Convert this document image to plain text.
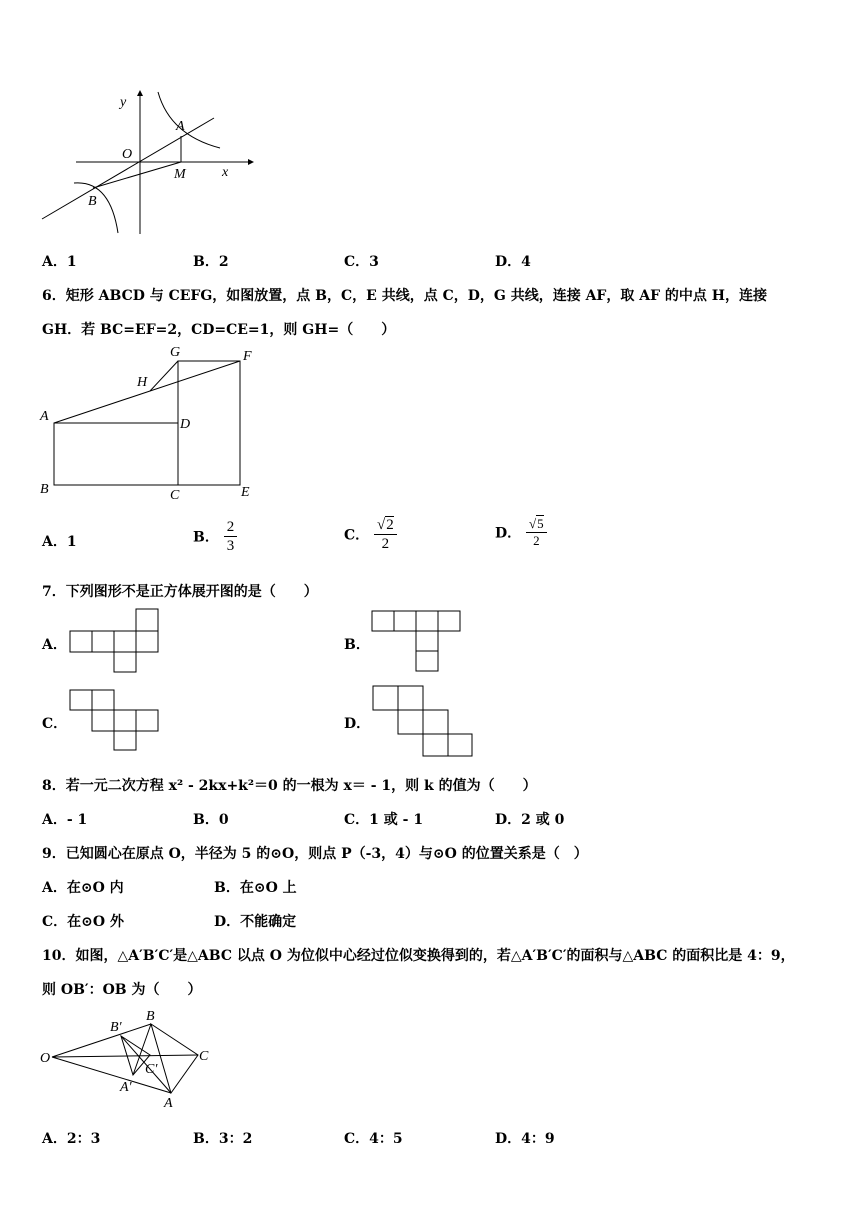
y
x
O
A
M
B
A．1	B．2	C．3	D．4
6．矩形 ABCD 与 CEFG，如图放置，点 B，C，E 共线，点 C，D，G 共线，连接 AF，取 AF 的中点 H，连接
GH．若 BC=EF=2，CD=CE=1，则 GH=（　　）
G	F
H
A
D
B	C	E
A．1	B． $\frac{2}{3}$	C． $\frac{√2}{2}$	D． $\frac{√5}{2}$
7．下列图形不是正方体展开图的是（　　）
A．	B．
C．	D．
8．若一元二次方程 x² - 2kx+k²＝0 的一根为 x＝ - 1，则 k 的值为（　　）
A．- 1	B．0	C．1 或 - 1	D．2 或 0
9．已知圆心在原点 O，半径为 5 的⊙O，则点 P（-3，4）与⊙O 的位置关系是（　）
A．在⊙O 内	B．在⊙O 上
C．在⊙O 外	D．不能确定
10．如图，△A′B′C′是△ABC 以点 O 为位似中心经过位似变换得到的，若△A′B′C′的面积与△ABC 的面积比是 4：9，
则 OB′：OB 为（　　）
O
B′
B
C
C′
A′
A
A．2：3	B．3：2	C．4：5	D．4：9
